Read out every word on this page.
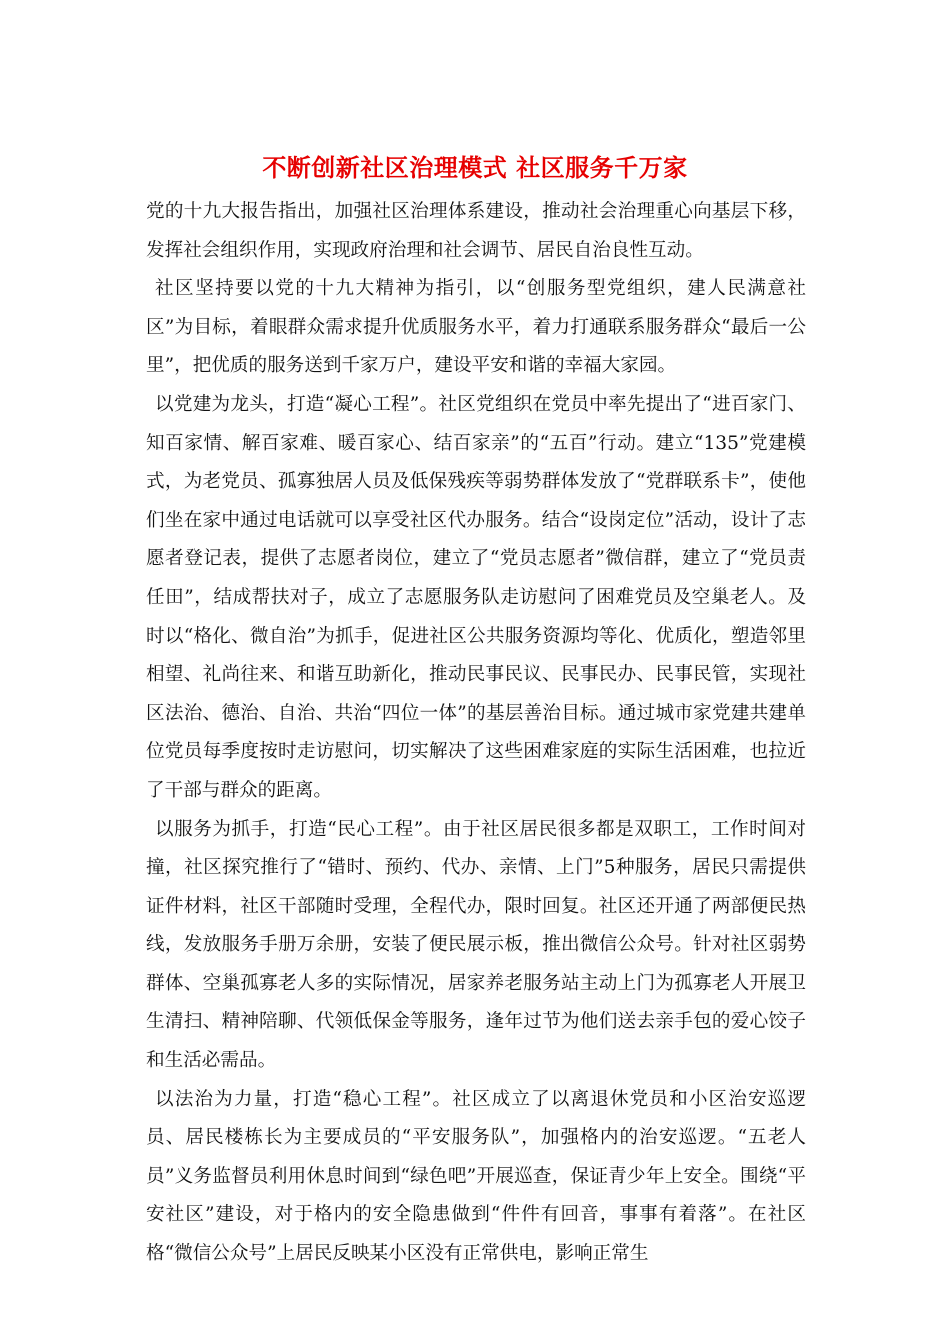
不断创新社区治理模式 社区服务千万家

党的十九大报告指出，加强社区治理体系建设，推动社会治理重心向基层下移，发挥社会组织作用，实现政府治理和社会调节、居民自治良性互动。

社区坚持要以党的十九大精神为指引，以“创服务型党组织，建人民满意社区”为目标，着眼群众需求提升优质服务水平，着力打通联系服务群众“最后一公里”，把优质的服务送到千家万户，建设平安和谐的幸福大家园。

以党建为龙头，打造“凝心工程”。社区党组织在党员中率先提出了“进百家门、知百家情、解百家难、暖百家心、结百家亲”的“五百”行动。建立“135”党建模式，为老党员、孤寡独居人员及低保残疾等弱势群体发放了“党群联系卡”，使他们坐在家中通过电话就可以享受社区代办服务。结合“设岗定位”活动，设计了志愿者登记表，提供了志愿者岗位，建立了“党员志愿者”微信群，建立了“党员责任田”，结成帮扶对子，成立了志愿服务队走访慰问了困难党员及空巢老人。及时以“格化、微自治”为抓手，促进社区公共服务资源均等化、优质化，塑造邻里相望、礼尚往来、和谐互助新化，推动民事民议、民事民办、民事民管，实现社区法治、德治、自治、共治“四位一体”的基层善治目标。通过城市家党建共建单位党员每季度按时走访慰问，切实解决了这些困难家庭的实际生活困难，也拉近了干部与群众的距离。

以服务为抓手，打造“民心工程”。由于社区居民很多都是双职工，工作时间对撞，社区探究推行了“错时、预约、代办、亲情、上门”5种服务，居民只需提供证件材料，社区干部随时受理，全程代办，限时回复。社区还开通了两部便民热线，发放服务手册万余册，安装了便民展示板，推出微信公众号。针对社区弱势群体、空巢孤寡老人多的实际情况，居家养老服务站主动上门为孤寡老人开展卫生清扫、精神陪聊、代领低保金等服务，逢年过节为他们送去亲手包的爱心饺子和生活必需品。

以法治为力量，打造“稳心工程”。社区成立了以离退休党员和小区治安巡逻员、居民楼栋长为主要成员的“平安服务队”，加强格内的治安巡逻。“五老人员”义务监督员利用休息时间到“绿色吧”开展巡查，保证青少年上安全。围绕“平安社区”建设，对于格内的安全隐患做到“件件有回音，事事有着落”。在社区格“微信公众号”上居民反映某小区没有正常供电，影响正常生
